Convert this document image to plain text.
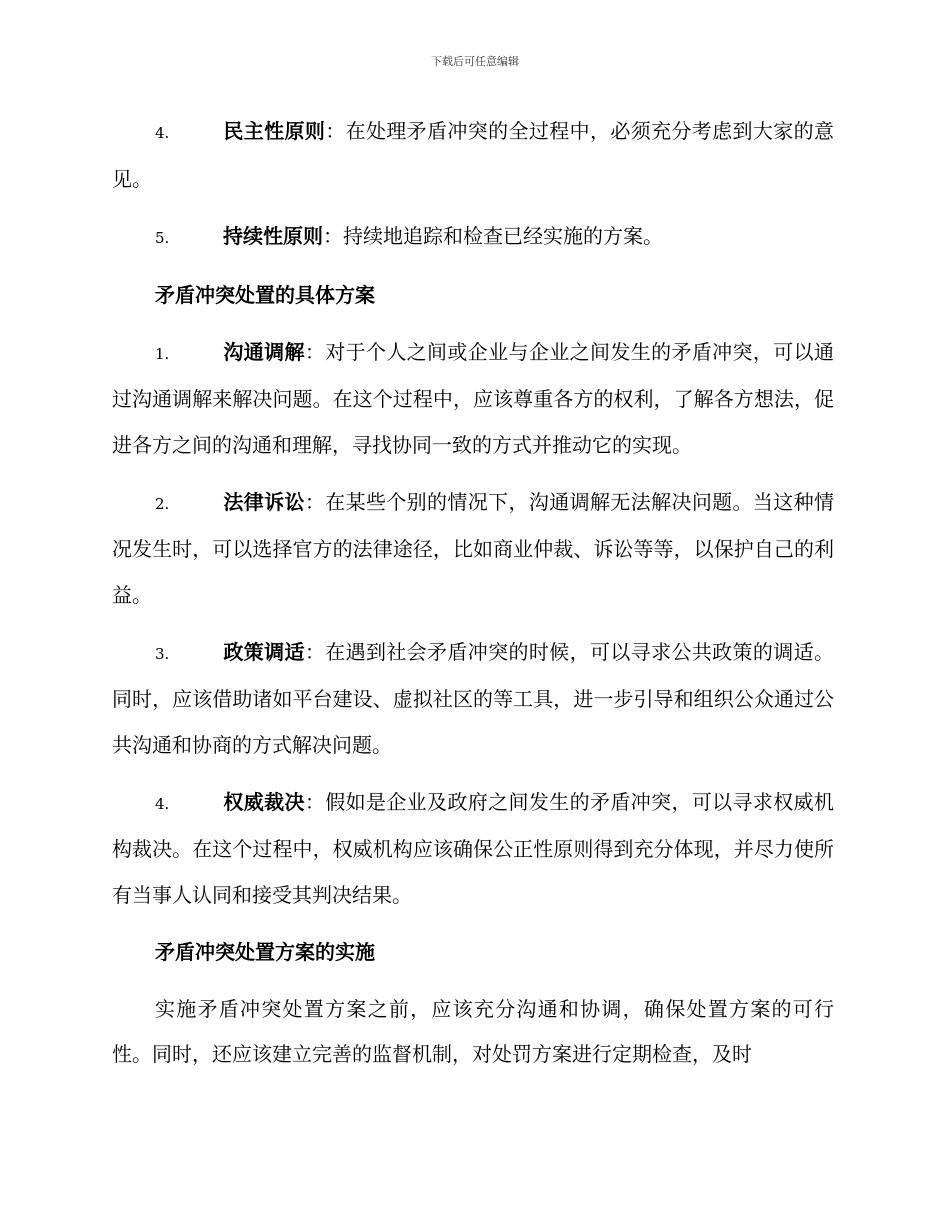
下载后可任意编辑

4.	民主性原则：在处理矛盾冲突的全过程中，必须充分考虑到大家的意见。

5.	持续性原则：持续地追踪和检查已经实施的方案。

矛盾冲突处置的具体方案

1.	沟通调解：对于个人之间或企业与企业之间发生的矛盾冲突，可以通过沟通调解来解决问题。在这个过程中，应该尊重各方的权利，了解各方想法，促进各方之间的沟通和理解，寻找协同一致的方式并推动它的实现。

2.	法律诉讼：在某些个别的情况下，沟通调解无法解决问题。当这种情况发生时，可以选择官方的法律途径，比如商业仲裁、诉讼等等，以保护自己的利益。

3.	政策调适：在遇到社会矛盾冲突的时候，可以寻求公共政策的调适。同时，应该借助诸如平台建设、虚拟社区的等工具，进一步引导和组织公众通过公共沟通和协商的方式解决问题。

4.	权威裁决：假如是企业及政府之间发生的矛盾冲突，可以寻求权威机构裁决。在这个过程中，权威机构应该确保公正性原则得到充分体现，并尽力使所有当事人认同和接受其判决结果。

矛盾冲突处置方案的实施

实施矛盾冲突处置方案之前，应该充分沟通和协调，确保处置方案的可行性。同时，还应该建立完善的监督机制，对处罚方案进行定期检查，及时
